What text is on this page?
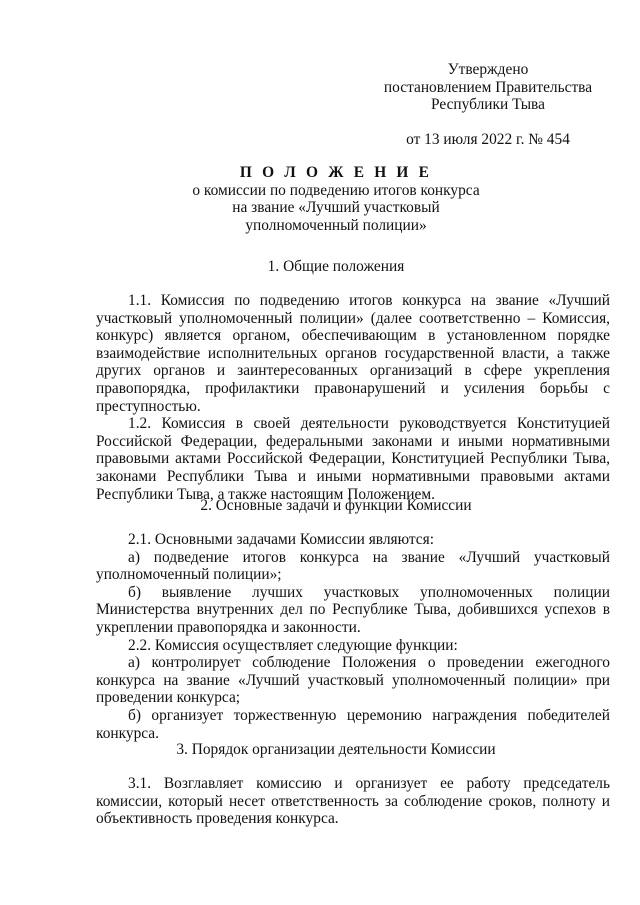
Утверждено
постановлением Правительства
Республики Тыва
от 13 июля 2022 г. № 454
П О Л О Ж Е Н И Е
о комиссии по подведению итогов конкурса
на звание «Лучший участковый
уполномоченный полиции»
1. Общие положения

1.1. Комиссия по подведению итогов конкурса на звание «Лучший участковый уполномоченный полиции» (далее соответственно – Комиссия, конкурс) является органом, обеспечивающим в установленном порядке взаимодействие исполнительных органов государственной власти, а также других органов и заинтересованных организаций в сфере укрепления правопорядка, профилактики правонарушений и усиления борьбы с преступностью.

1.2. Комиссия в своей деятельности руководствуется Конституцией Российской Федерации, федеральными законами и иными нормативными правовыми актами Российской Федерации, Конституцией Республики Тыва, законами Республики Тыва и иными нормативными правовыми актами Республики Тыва, а также настоящим Положением.

2. Основные задачи и функции Комиссии

2.1. Основными задачами Комиссии являются:

а) подведение итогов конкурса на звание «Лучший участковый уполномоченный полиции»;

б) выявление лучших участковых уполномоченных полиции Министерства внутренних дел по Республике Тыва, добившихся успехов в укреплении правопорядка и законности.

2.2. Комиссия осуществляет следующие функции:

а) контролирует соблюдение Положения о проведении ежегодного конкурса на звание «Лучший участковый уполномоченный полиции» при проведении конкурса;

б) организует торжественную церемонию награждения победителей конкурса.

3. Порядок организации деятельности Комиссии

3.1. Возглавляет комиссию и организует ее работу председатель комиссии, который несет ответственность за соблюдение сроков, полноту и объективность проведения конкурса.
